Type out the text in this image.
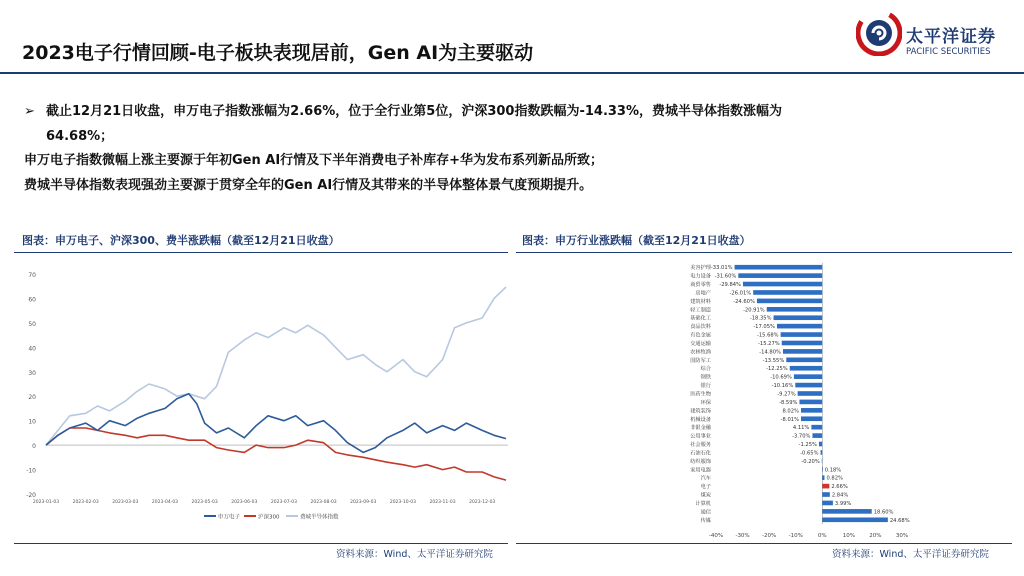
2023电子行情回顾-电子板块表现居前，Gen AI为主要驱动
太平洋证券
PACIFIC SECURITIES
➢ 截止12月21日收盘，申万电子指数涨幅为2.66%，位于全行业第5位，沪深300指数跌幅为-14.33%，费城半导体指数涨幅为
64.68%；
申万电子指数微幅上涨主要源于年初Gen AI行情及下半年消费电子补库存+华为发布系列新品所致；
费城半导体指数表现强劲主要源于贯穿全年的Gen AI行情及其带来的半导体整体景气度预期提升。
图表：申万电子、沪深300、费半涨跌幅（截至12月21日收盘）	图表：申万行业涨跌幅（截至12月21日收盘）
-20
-10
0
10
20
30
40
50
60
70
2023-01-03	2023-02-03	2023-03-03	2023-04-03	2023-05-03	2023-06-03	2023-07-03	2023-08-03	2023-09-03	2023-10-03	2023-11-03	2023-12-03
申万电子	沪深300	费城半导体指数
-40% -30% -20% -10%	0%	10%	20%	30%
美容护理 -33.01%
电力设备 -31.60%
商贸零售 -29.84%
房地产	-26.01%
建筑材料	-24.60%
轻工制造	-20.91%
基础化工	-18.35%
食品饮料	-17.05%
有色金属	-15.68%
交通运输	-15.27%
农林牧渔	-14.80%
国防军工	-13.55%
综合	-12.25%
钢铁	-10.69%
银行	-10.16%
医药生物	-9.27%
环保	-8.59%
建筑装饰	8.02%
机械设备	-8.01%
非银金融	4.11%
公用事业	-3.70%
社会服务	-1.25%
石油石化	-0.65%
纺织服饰	-0.20%
家用电器	0.18%
汽车	0.82%
电子	2.66%
煤炭	2.84%
计算机	3.99%
通信	18.60%
传媒	24.68%
资料来源：Wind、太平洋证券研究院	资料来源：Wind、太平洋证券研究院
